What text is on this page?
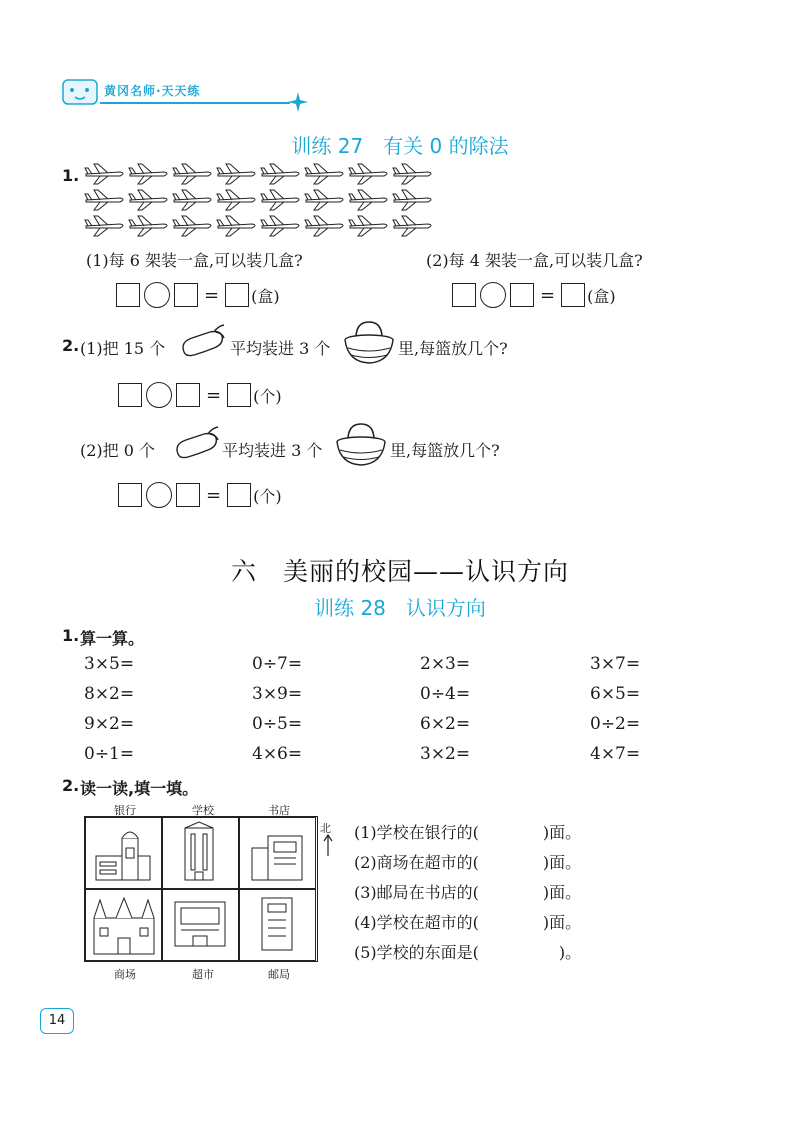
黄冈名师·天天练
训练 27　有关 0 的除法
1.
(1)每 6 架装一盒,可以装几盒?	(2)每 4 架装一盒,可以装几盒?
= (盒)	= (盒)
2. (1)把 15 个	平均装进 3 个	里,每篮放几个?
= (个)
(2)把 0 个	平均装进 3 个	里,每篮放几个?
= (个)
六　美丽的校园——认识方向
训练 28　认识方向
1. 算一算。
3×5=	0÷7=	2×3=	3×7=
8×2=	3×9=	0÷4=	6×5=
9×2=	0÷5=	6×2=	0÷2=
0÷1=	4×6=	3×2=	4×7=
2. 读一读,填一填。
银行	学校	书店
商场	超市	邮局
北 (1)学校在银行的(　　　　)面。
(2)商场在超市的(　　　　)面。
(3)邮局在书店的(　　　　)面。
(4)学校在超市的(　　　　)面。
(5)学校的东面是(　　　　　)。
14
